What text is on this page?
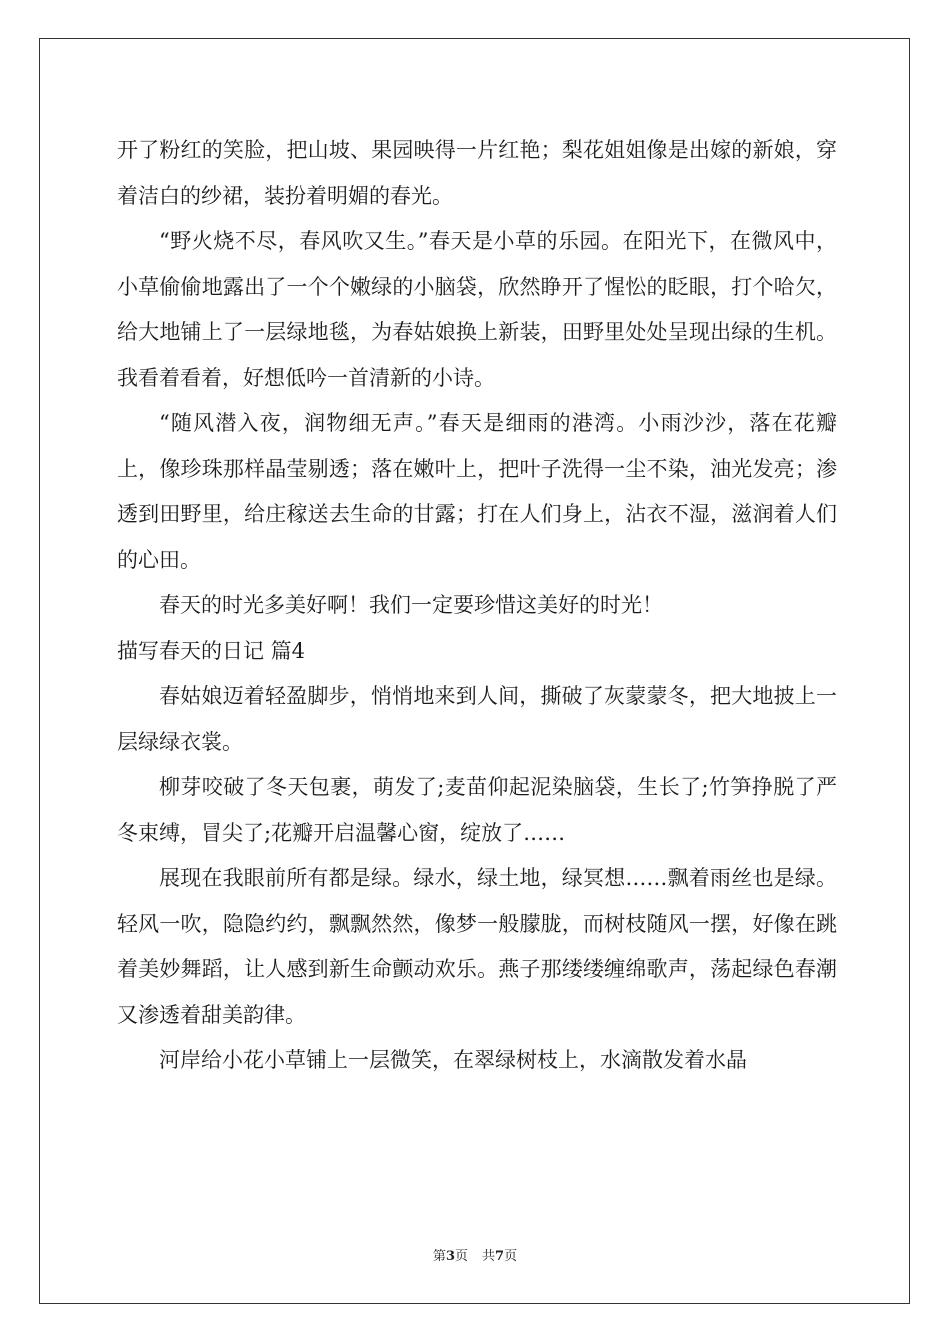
开了粉红的笑脸，把山坡、果园映得一片红艳；梨花姐姐像是出嫁的新娘，穿着洁白的纱裙，装扮着明媚的春光。

“野火烧不尽，春风吹又生。”春天是小草的乐园。在阳光下，在微风中，小草偷偷地露出了一个个嫩绿的小脑袋，欣然睁开了惺忪的眨眼，打个哈欠，给大地铺上了一层绿地毯，为春姑娘换上新装，田野里处处呈现出绿的生机。我看着看着，好想低吟一首清新的小诗。

“随风潜入夜，润物细无声。”春天是细雨的港湾。小雨沙沙，落在花瓣上，像珍珠那样晶莹剔透；落在嫩叶上，把叶子洗得一尘不染，油光发亮；渗透到田野里，给庄稼送去生命的甘露；打在人们身上，沾衣不湿，滋润着人们的心田。

春天的时光多美好啊！我们一定要珍惜这美好的时光！

描写春天的日记 篇4

春姑娘迈着轻盈脚步，悄悄地来到人间，撕破了灰蒙蒙冬，把大地披上一层绿绿衣裳。

柳芽咬破了冬天包裹，萌发了;麦苗仰起泥染脑袋，生长了;竹笋挣脱了严冬束缚，冒尖了;花瓣开启温馨心窗，绽放了……

展现在我眼前所有都是绿。绿水，绿土地，绿冥想……飘着雨丝也是绿。轻风一吹，隐隐约约，飘飘然然，像梦一般朦胧，而树枝随风一摆，好像在跳着美妙舞蹈，让人感到新生命颤动欢乐。燕子那缕缕缠绵歌声，荡起绿色春潮又渗透着甜美韵律。

河岸给小花小草铺上一层微笑，在翠绿树枝上，水滴散发着水晶

第3页 共7页
